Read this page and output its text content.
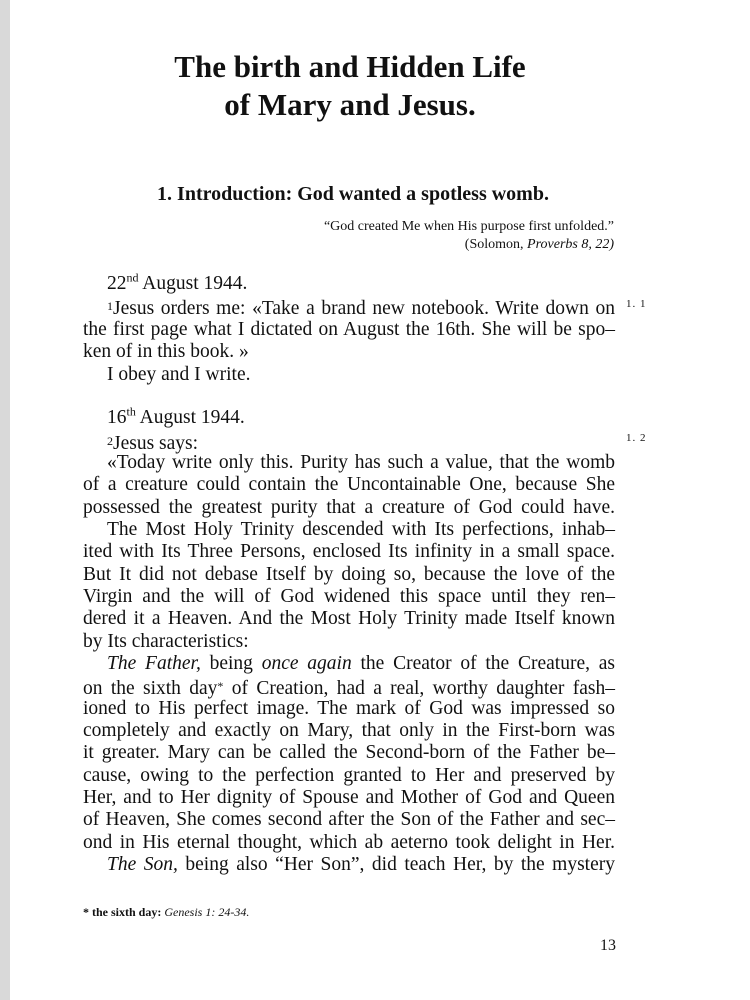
The birth and Hidden Life
of Mary and Jesus.
1. Introduction: God wanted a spotless womb.
“God created Me when His purpose first unfolded.”
(Solomon, Proverbs 8, 22)
22nd August 1944.
$^1$Jesus orders me: «Take a brand new notebook. Write down on 1. 1
the first page what I dictated on August the 16th. She will be spo–
ken of in this book. »
I obey and I write.
16th August 1944.
$^2$Jesus says:	1. 2
«Today write only this. Purity has such a value, that the womb
of a creature could contain the Uncontainable One, because She
possessed the greatest purity that a creature of God could have.
The Most Holy Trinity descended with Its perfections, inhab–
ited with Its Three Persons, enclosed Its infinity in a small space.
But It did not debase Itself by doing so, because the love of the
Virgin and the will of God widened this space until they ren–
dered it a Heaven. And the Most Holy Trinity made Itself known
by Its characteristics:
The Father, being once again the Creator of the Creature, as
on the sixth day* of Creation, had a real, worthy daughter fash–
ioned to His perfect image. The mark of God was impressed so
completely and exactly on Mary, that only in the First-born was
it greater. Mary can be called the Second-born of the Father be–
cause, owing to the perfection granted to Her and preserved by
Her, and to Her dignity of Spouse and Mother of God and Queen
of Heaven, She comes second after the Son of the Father and sec–
ond in His eternal thought, which ab aeterno took delight in Her.
The Son, being also “Her Son”, did teach Her, by the mystery
* the sixth day: Genesis 1: 24-34.
13
